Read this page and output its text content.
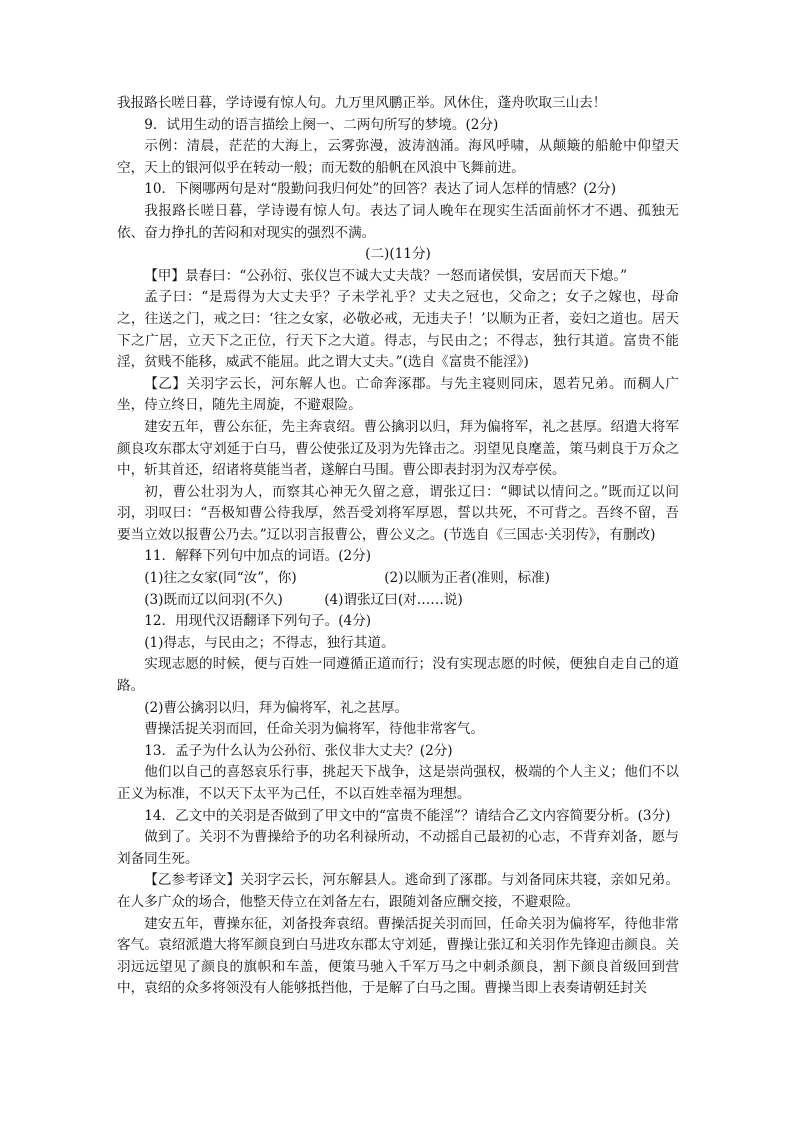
我报路长嗟日暮，学诗谩有惊人句。九万里风鹏正举。风休住，蓬舟吹取三山去！

9．试用生动的语言描绘上阕一、二两句所写的梦境。(2分)

示例：清晨，茫茫的大海上，云雾弥漫，波涛汹涌。海风呼啸，从颠簸的船舱中仰望天空，天上的银河似乎在转动一般；而无数的船帆在风浪中飞舞前进。

10．下阕哪两句是对“殷勤问我归何处”的回答？表达了词人怎样的情感？(2分)

我报路长嗟日暮，学诗谩有惊人句。表达了词人晚年在现实生活面前怀才不遇、孤独无依、奋力挣扎的苦闷和对现实的强烈不满。

(二)(11分)

【甲】景春曰：“公孙衍、张仪岂不诚大丈夫哉？一怒而诸侯惧，安居而天下熄。”

孟子曰：“是焉得为大丈夫乎？子未学礼乎？丈夫之冠也，父命之；女子之嫁也，母命之，往送之门，戒之曰：‘往之女家，必敬必戒，无违夫子！’以顺为正者，妾妇之道也。居天下之广居，立天下之正位，行天下之大道。得志，与民由之；不得志，独行其道。富贵不能淫，贫贱不能移，威武不能屈。此之谓大丈夫。”(选自《富贵不能淫》)

【乙】关羽字云长，河东解人也。亡命奔涿郡。与先主寝则同床，恩若兄弟。而稠人广坐，侍立终日，随先主周旋，不避艰险。

建安五年，曹公东征，先主奔袁绍。曹公擒羽以归，拜为偏将军，礼之甚厚。绍遣大将军颜良攻东郡太守刘延于白马，曹公使张辽及羽为先锋击之。羽望见良麾盖，策马刺良于万众之中，斩其首还，绍诸将莫能当者，遂解白马围。曹公即表封羽为汉寿亭侯。

初，曹公壮羽为人，而察其心神无久留之意，谓张辽曰：“卿试以情问之。”既而辽以问羽，羽叹曰：“吾极知曹公待我厚，然吾受刘将军厚恩，誓以共死，不可背之。吾终不留，吾要当立效以报曹公乃去。”辽以羽言报曹公，曹公义之。(节选自《三国志·关羽传》，有删改)

11．解释下列句中加点的词语。(2分)

(1)往之女家(同“汝”，你)	(2)以顺为正者(准则，标准)
(3)既而辽以问羽(不久)	(4)谓张辽曰(对……说)

12．用现代汉语翻译下列句子。(4分)

(1)得志，与民由之；不得志，独行其道。

实现志愿的时候，便与百姓一同遵循正道而行；没有实现志愿的时候，便独自走自己的道路。

(2)曹公擒羽以归，拜为偏将军，礼之甚厚。

曹操活捉关羽而回，任命关羽为偏将军，待他非常客气。

13．孟子为什么认为公孙衍、张仪非大丈夫？(2分)

他们以自己的喜怒哀乐行事，挑起天下战争，这是崇尚强权，极端的个人主义；他们不以正义为标准，不以天下太平为己任，不以百姓幸福为理想。

14．乙文中的关羽是否做到了甲文中的“富贵不能淫”？请结合乙文内容简要分析。(3分)

做到了。关羽不为曹操给予的功名利禄所动，不动摇自己最初的心志，不背弃刘备，愿与刘备同生死。

【乙参考译文】关羽字云长，河东解县人。逃命到了涿郡。与刘备同床共寝，亲如兄弟。在人多广众的场合，他整天侍立在刘备左右，跟随刘备应酬交接，不避艰险。

建安五年，曹操东征，刘备投奔袁绍。曹操活捉关羽而回，任命关羽为偏将军，待他非常客气。袁绍派遣大将军颜良到白马进攻东郡太守刘延，曹操让张辽和关羽作先锋迎击颜良。关羽远远望见了颜良的旗帜和车盖，便策马驰入千军万马之中刺杀颜良，割下颜良首级回到营中，袁绍的众多将领没有人能够抵挡他，于是解了白马之围。曹操当即上表奏请朝廷封关
